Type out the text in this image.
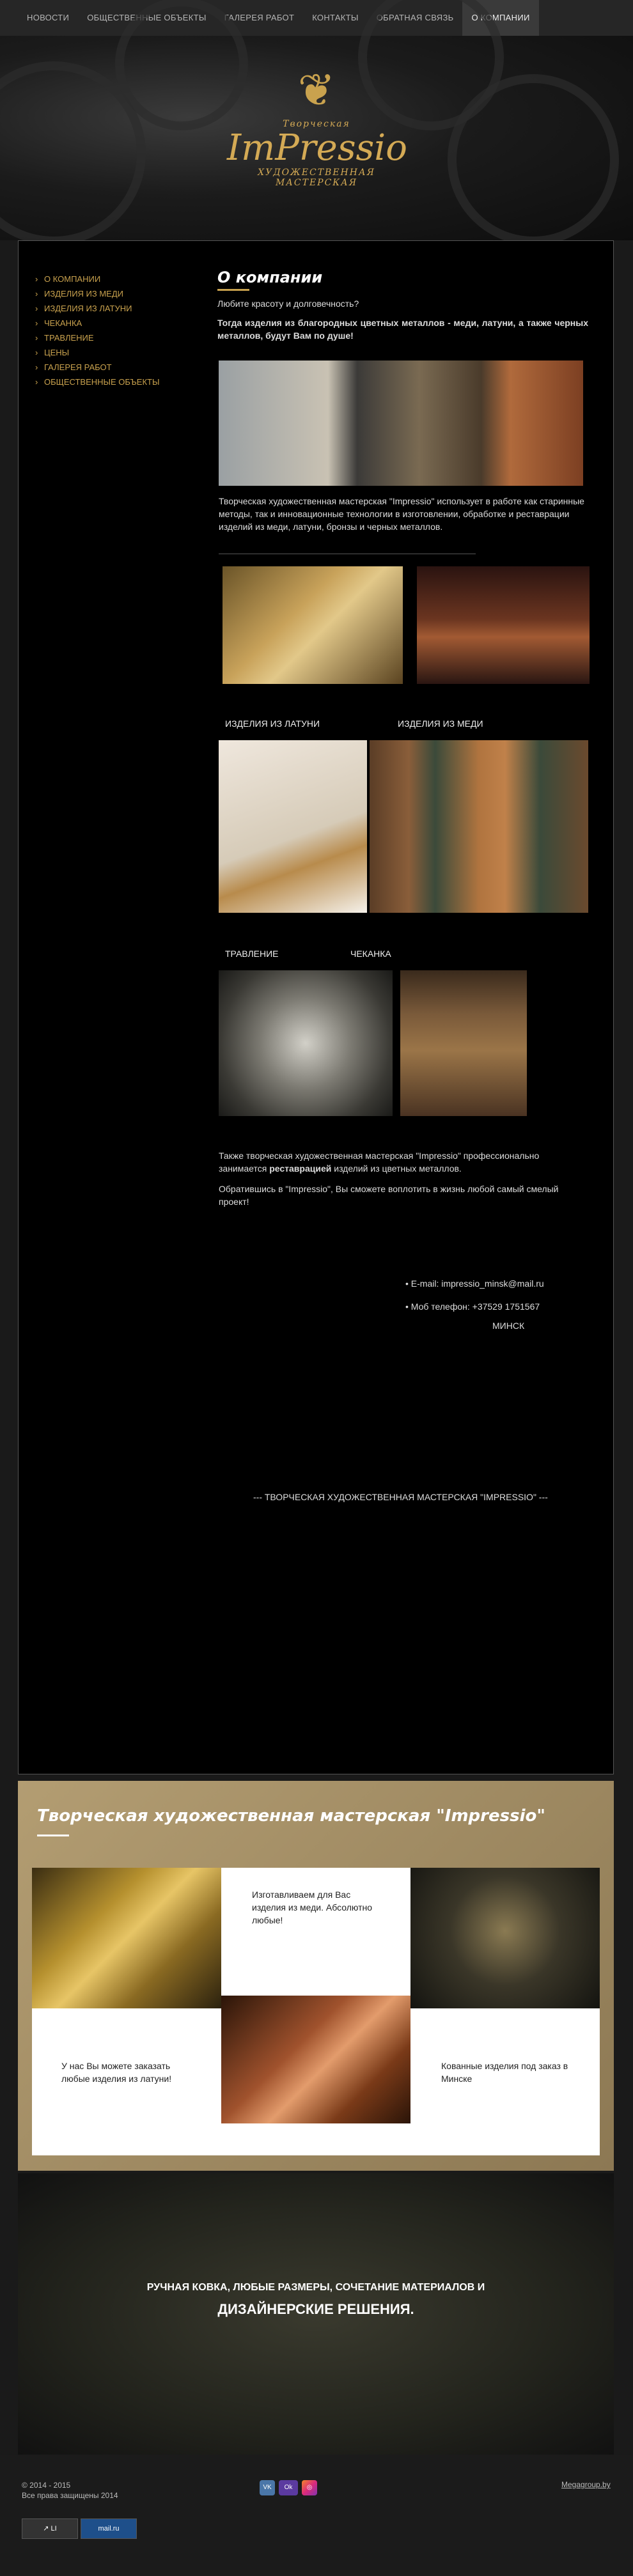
НОВОСТИ	ОБЩЕСТВЕННЫЕ ОБЪЕКТЫ	ГАЛЕРЕЯ РАБОТ	КОНТАКТЫ	ОБРАТНАЯ СВЯЗЬ	О КОМПАНИИ
❦
Творческая
ImPressio
ХУДОЖЕСТВЕННАЯ МАСТЕРСКАЯ
› О КОМПАНИИ
› ИЗДЕЛИЯ ИЗ МЕДИ
› ИЗДЕЛИЯ ИЗ ЛАТУНИ
› ЧЕКАНКА
› ТРАВЛЕНИЕ
› ЦЕНЫ
› ГАЛЕРЕЯ РАБОТ
› ОБЩЕСТВЕННЫЕ ОБЪЕКТЫ
О компании

Любите красоту и долговечность?

Тогда изделия из благородных цветных металлов - меди, латуни, а также черных металлов, будут Вам по душе!

Творческая художественная мастерская "Impressio" использует в работе как старинные методы, так и инновационные технологии в изготовлении, обработке и реставрации изделий из меди, латуни, бронзы и черных металлов.

ИЗДЕЛИЯ ИЗ ЛАТУНИ	ИЗДЕЛИЯ ИЗ МЕДИ
ТРАВЛЕНИЕ	ЧЕКАНКА

Также творческая художественная мастерская "Impressio" профессионально занимается реставрацией изделий из цветных металлов.

Обратившись в "Impressio", Вы сможете воплотить в жизнь любой самый смелый проект!

• E-mail: impressio_minsk@mail.ru
• Моб телефон: +37529 1751567
МИНСК
--- ТВОРЧЕСКАЯ ХУДОЖЕСТВЕННАЯ МАСТЕРСКАЯ "IMPRESSIO" ---
Творческая художественная мастерская "Impressio"
У нас Вы можете заказать любые изделия из латуни!
Изготавливаем для Вас изделия из меди. Абсолютно любые!
Кованные изделия под заказ в Минске
РУЧНАЯ КОВКА, ЛЮБЫЕ РАЗМЕРЫ, СОЧЕТАНИЕ МАТЕРИАЛОВ И
ДИЗАЙНЕРСКИЕ РЕШЕНИЯ.
© 2014 - 2015
Все права защищены 2014
VK	Ok	◎
↗ LI	mail.ru
Megagroup.by
